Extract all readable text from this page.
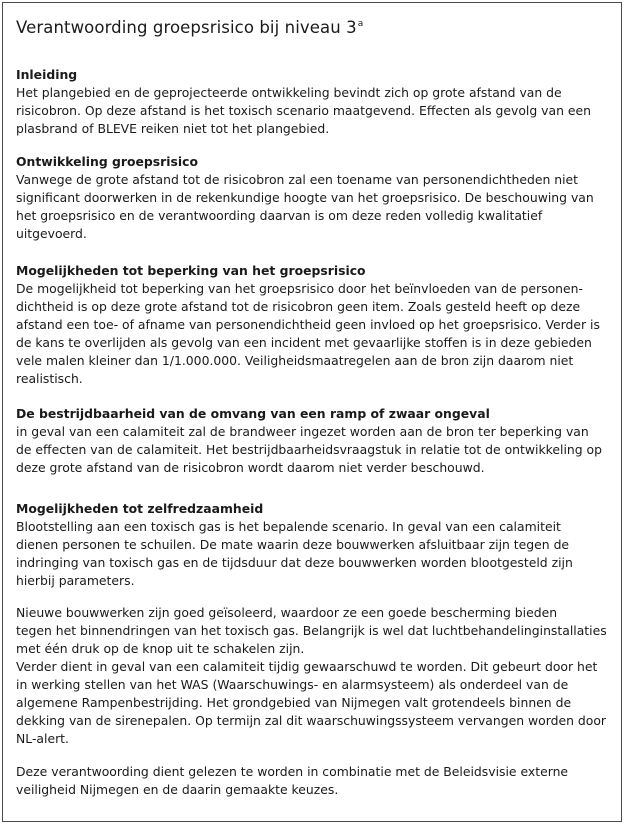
Verantwoording groepsrisico bij niveau 3$^a$
Inleiding
Het plangebied en de geprojecteerde ontwikkeling bevindt zich op grote afstand van de
risicobron. Op deze afstand is het toxisch scenario maatgevend. Effecten als gevolg van een
plasbrand of BLEVE reiken niet tot het plangebied.
Ontwikkeling groepsrisico
Vanwege de grote afstand tot de risicobron zal een toename van personendichtheden niet
significant doorwerken in de rekenkundige hoogte van het groepsrisico. De beschouwing van
het groepsrisico en de verantwoording daarvan is om deze reden volledig kwalitatief
uitgevoerd.
Mogelijkheden tot beperking van het groepsrisico
De mogelijkheid tot beperking van het groepsrisico door het beïnvloeden van de personen-
dichtheid is op deze grote afstand tot de risicobron geen item. Zoals gesteld heeft op deze
afstand een toe- of afname van personendichtheid geen invloed op het groepsrisico. Verder is
de kans te overlijden als gevolg van een incident met gevaarlijke stoffen is in deze gebieden
vele malen kleiner dan 1/1.000.000. Veiligheidsmaatregelen aan de bron zijn daarom niet
realistisch.
De bestrijdbaarheid van de omvang van een ramp of zwaar ongeval
in geval van een calamiteit zal de brandweer ingezet worden aan de bron ter beperking van
de effecten van de calamiteit. Het bestrijdbaarheidsvraagstuk in relatie tot de ontwikkeling op
deze grote afstand van de risicobron wordt daarom niet verder beschouwd.
Mogelijkheden tot zelfredzaamheid
Blootstelling aan een toxisch gas is het bepalende scenario. In geval van een calamiteit
dienen personen te schuilen. De mate waarin deze bouwwerken afsluitbaar zijn tegen de
indringing van toxisch gas en de tijdsduur dat deze bouwwerken worden blootgesteld zijn
hierbij parameters.
Nieuwe bouwwerken zijn goed geïsoleerd, waardoor ze een goede bescherming bieden
tegen het binnendringen van het toxisch gas. Belangrijk is wel dat luchtbehandelinginstallaties
met één druk op de knop uit te schakelen zijn.
Verder dient in geval van een calamiteit tijdig gewaarschuwd te worden. Dit gebeurt door het
in werking stellen van het WAS (Waarschuwings- en alarmsysteem) als onderdeel van de
algemene Rampenbestrijding. Het grondgebied van Nijmegen valt grotendeels binnen de
dekking van de sirenepalen. Op termijn zal dit waarschuwingssysteem vervangen worden door
NL-alert.
Deze verantwoording dient gelezen te worden in combinatie met de Beleidsvisie externe
veiligheid Nijmegen en de daarin gemaakte keuzes.
